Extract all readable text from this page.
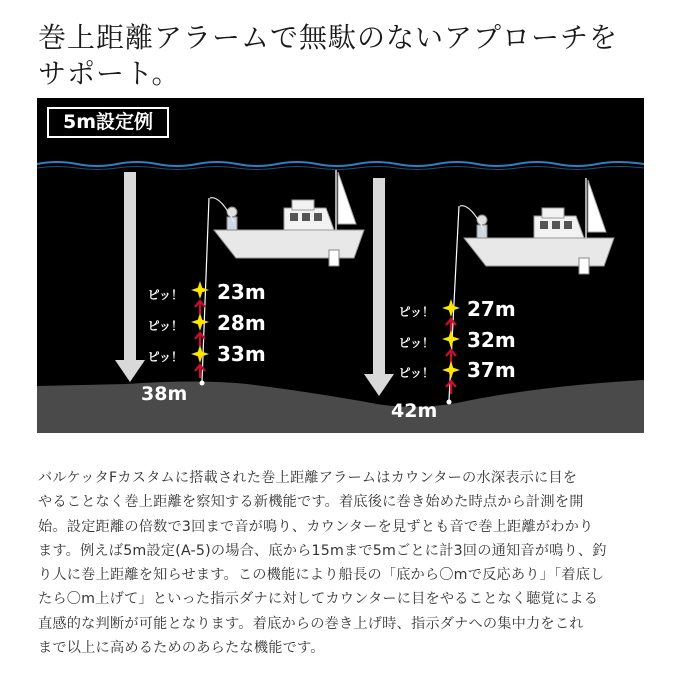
巻上距離アラームで無駄のないアプローチを
サポート。
ピッ！
ピッ！
ピッ！
23m
28m
33m
38m
ピッ！
ピッ！
ピッ！
27m
32m
37m
42m
5m設定例

バルケッタFカスタムに搭載された巻上距離アラームはカウンターの水深表示に目を
やることなく巻上距離を察知する新機能です。着底後に巻き始めた時点から計測を開
始。設定距離の倍数で3回まで音が鳴り、カウンターを見ずとも音で巻上距離がわかり
ます。例えば5m設定(A-5)の場合、底から15mまで5mごとに計3回の通知音が鳴り、釣
り人に巻上距離を知らせます。この機能により船長の「底から〇mで反応あり」「着底し
たら〇m上げて」といった指示ダナに対してカウンターに目をやることなく聴覚による
直感的な判断が可能となります。着底からの巻き上げ時、指示ダナへの集中力をこれ
まで以上に高めるためのあらたな機能です。
